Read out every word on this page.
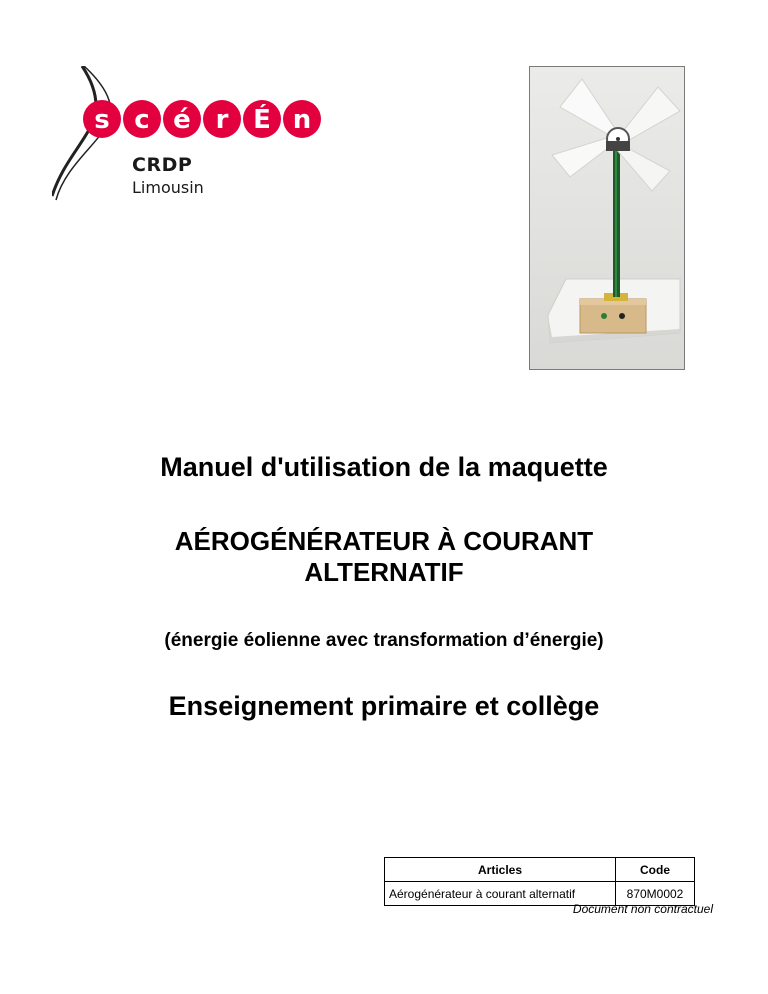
s c é r É n
CRDP
Limousin
Manuel d'utilisation de la maquette
AÉROGÉNÉRATEUR À COURANT
ALTERNATIF
(énergie éolienne avec transformation d’énergie)
Enseignement primaire et collège
Articles	Code
Aérogénérateur à courant alternatif	870M0002
Document non contractuel
